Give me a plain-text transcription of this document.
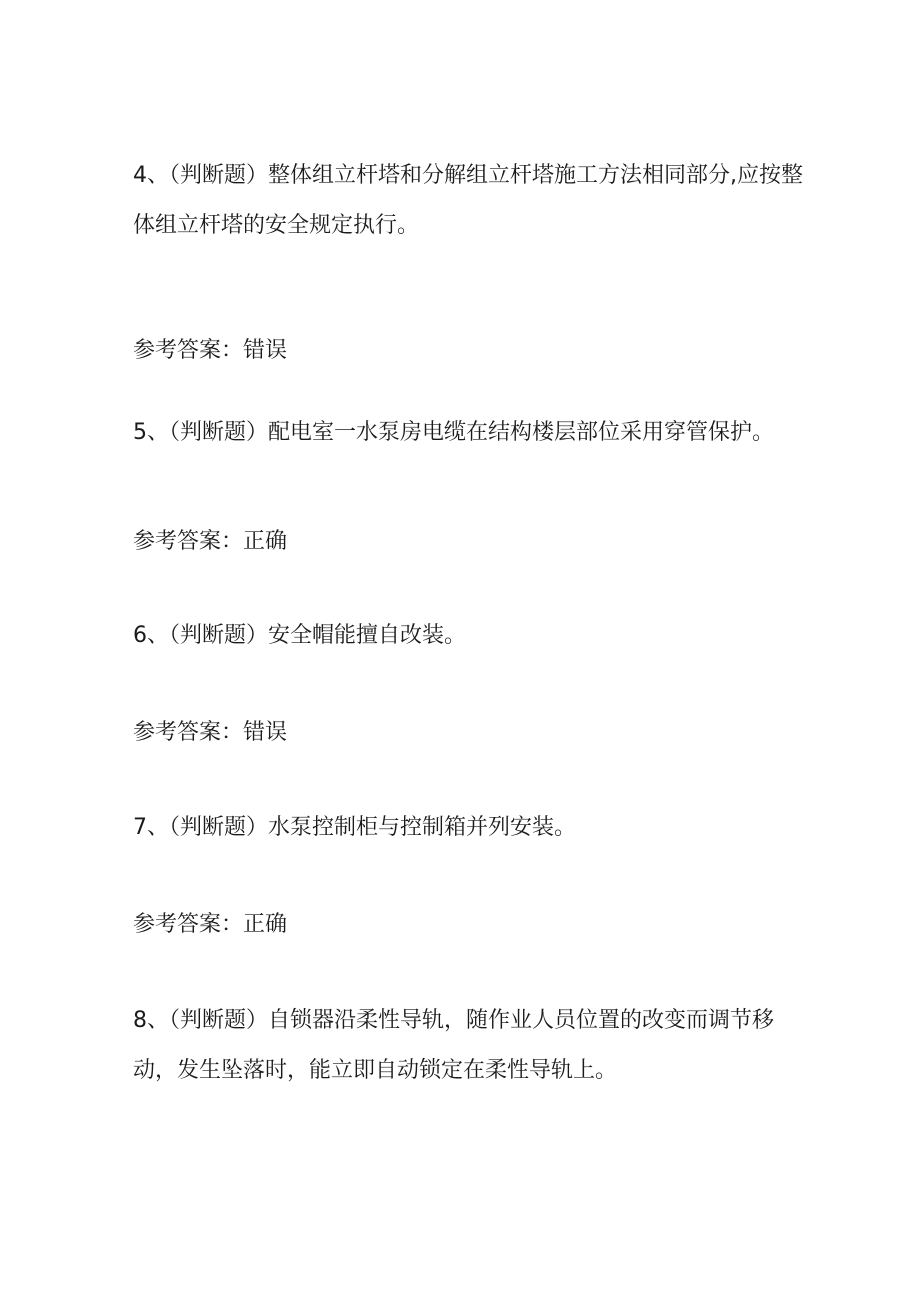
4、（判断题）整体组立杆塔和分解组立杆塔施工方法相同部分,应按整体组立杆塔的安全规定执行。

参考答案：错误

5、（判断题）配电室一水泵房电缆在结构楼层部位采用穿管保护。

参考答案：正确

6、（判断题）安全帽能擅自改装。

参考答案：错误

7、（判断题）水泵控制柜与控制箱并列安装。

参考答案：正确

8、（判断题）自锁器沿柔性导轨，随作业人员位置的改变而调节移动，发生坠落时，能立即自动锁定在柔性导轨上。
